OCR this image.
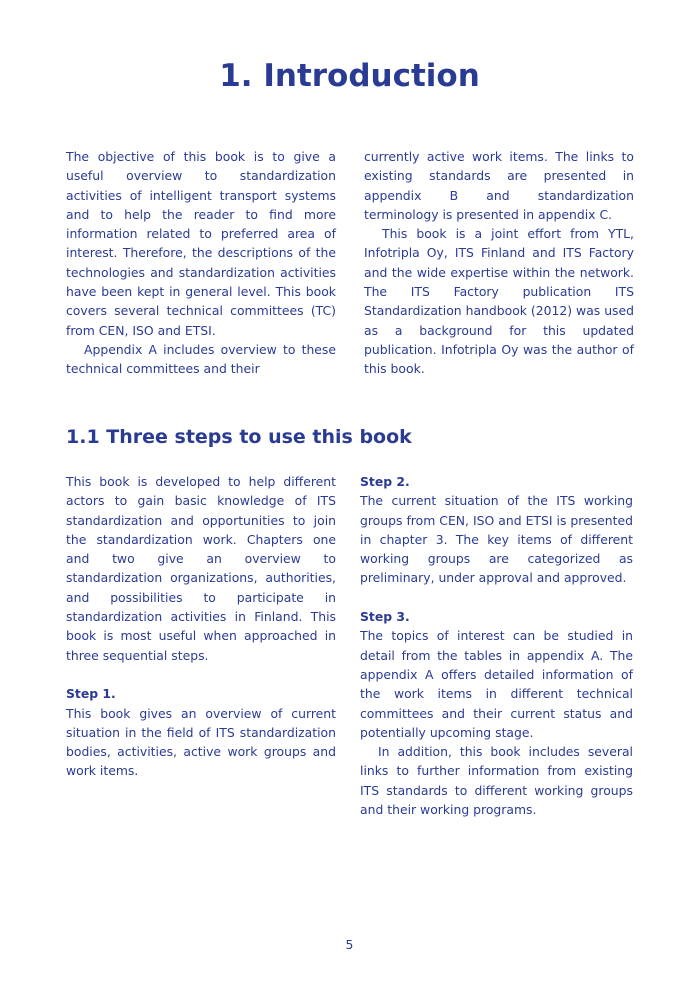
1. Introduction

The objective of this book is to give a useful overview to standardization activities of intelligent transport systems and to help the reader to find more information related to preferred area of interest. Therefore, the descriptions of the technologies and standardization activities have been kept in general level. This book covers several technical committees (TC) from CEN, ISO and ETSI.

Appendix A includes overview to these technical committees and their

currently active work items. The links to existing standards are presented in appendix B and standardization terminology is presented in appendix C.

This book is a joint effort from YTL, Infotripla Oy, ITS Finland and ITS Factory and the wide expertise within the network. The ITS Factory publication ITS Standardization handbook (2012) was used as a background for this updated publication. Infotripla Oy was the author of this book.

1.1 Three steps to use this book

This book is developed to help different actors to gain basic knowledge of ITS standardization and opportunities to join the standardization work. Chapters one and two give an overview to standardization organizations, authorities, and possibilities to participate in standardization activities in Finland. This book is most useful when approached in three sequential steps.

Step 1.

This book gives an overview of current situation in the field of ITS standardization bodies, activities, active work groups and work items.

Step 2.

The current situation of the ITS working groups from CEN, ISO and ETSI is presented in chapter 3. The key items of different working groups are categorized as preliminary, under approval and approved.

Step 3.

The topics of interest can be studied in detail from the tables in appendix A. The appendix A offers detailed information of the work items in different technical committees and their current status and potentially upcoming stage.

In addition, this book includes several links to further information from existing ITS standards to different working groups and their working programs.

5
